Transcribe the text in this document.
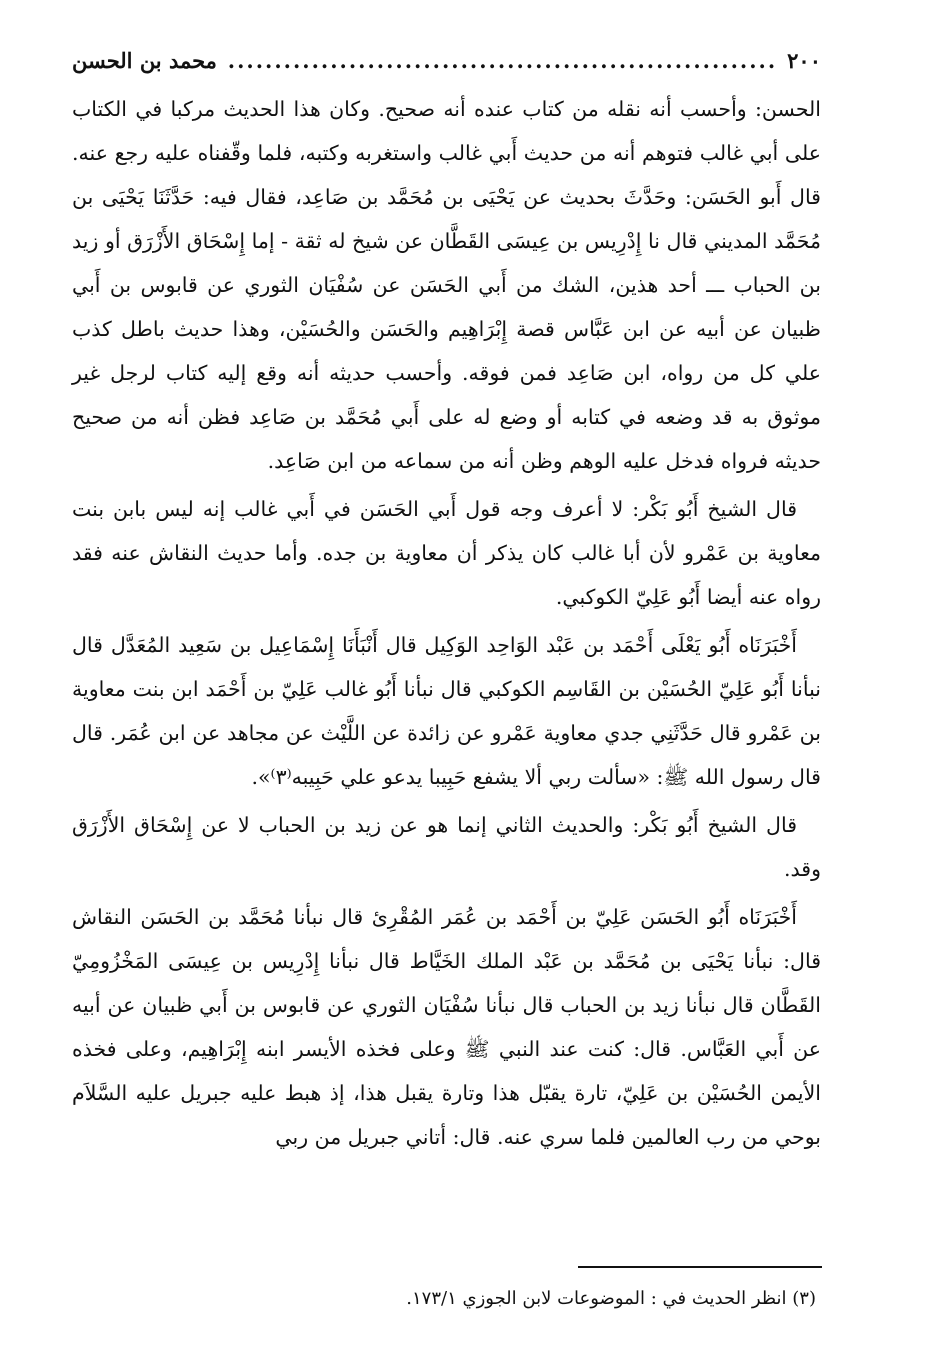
٢٠٠
.....
محمد بن الحسن

الحسن: وأحسب أنه نقله من كتاب عنده أنه صحيح. وكان هذا الحديث مركبا في الكتاب على أبي غالب فتوهم أنه من حديث أَبي غالب واستغربه وكتبه، فلما وقّفناه عليه رجع عنه. قال أَبو الحَسَن: وحَدَّثَ بحديث عن يَحْيَى بن مُحَمَّد بن صَاعِد، فقال فيه: حَدَّثَنَا يَحْيَى بن مُحَمَّد المديني قال نا إِدْرِيس بن عِيسَى القَطَّان عن شيخ له ثقة - إما إِسْحَاق الأَزْرَق أو زيد بن الحباب ـــ أحد هذين، الشك من أَبي الحَسَن عن سُفْيَان الثوري عن قابوس بن أَبي ظبيان عن أبيه عن ابن عَبَّاس قصة إِبْرَاهِيم والحَسَن والحُسَيْن، وهذا حديث باطل كذب علي كل من رواه، ابن صَاعِد فمن فوقه. وأحسب حديثه أنه وقع إليه كتاب لرجل غير موثوق به قد وضعه في كتابه أو وضع له على أَبي مُحَمَّد بن صَاعِد فظن أنه من صحيح حديثه فرواه فدخل عليه الوهم وظن أنه من سماعه من ابن صَاعِد.

قال الشيخ أَبُو بَكْر: لا أعرف وجه قول أَبي الحَسَن في أَبي غالب إنه ليس بابن بنت معاوية بن عَمْرو لأن أبا غالب كان يذكر أن معاوية بن جده. وأما حديث النقاش عنه فقد رواه عنه أيضا أَبُو عَلِيّ الكوكبي.

أَخْبَرَنَاه أَبُو يَعْلَى أَحْمَد بن عَبْد الوَاحِد الوَكِيل قال أَنْبَأَنَا إِسْمَاعِيل بن سَعِيد المُعَدَّل قال نبأنا أَبُو عَلِيّ الحُسَيْن بن القَاسِم الكوكبي قال نبأنا أَبُو غالب عَلِيّ بن أَحْمَد ابن بنت معاوية بن عَمْرو قال حَدَّثَنِي جدي معاوية عَمْرو عن زائدة عن اللَّيْث عن مجاهد عن ابن عُمَر. قال قال رسول الله ﷺ: «سألت ربي ألا يشفع حَبِيبا يدعو علي حَبِيبه⁽٣⁾».

قال الشيخ أَبُو بَكْر: والحديث الثاني إنما هو عن زيد بن الحباب لا عن إِسْحَاق الأَزْرَق وقد.

أَخْبَرَنَاه أَبُو الحَسَن عَلِيّ بن أَحْمَد بن عُمَر المُقْرِئ قال نبأنا مُحَمَّد بن الحَسَن النقاش قال: نبأنا يَحْيَى بن مُحَمَّد بن عَبْد الملك الخَيَّاط قال نبأنا إِدْرِيس بن عِيسَى المَخْزُومِيّ القَطَّان قال نبأنا زيد بن الحباب قال نبأنا سُفْيَان الثوري عن قابوس بن أَبي ظبيان عن أبيه عن أَبي العَبَّاس. قال: كنت عند النبي ﷺ وعلى فخذه الأيسر ابنه إِبْرَاهِيم، وعلى فخذه الأيمن الحُسَيْن بن عَلِيّ، تارة يقبّل هذا وتارة يقبل هذا، إذ هبط عليه جبريل عليه السَّلاَم بوحي من رب العالمين فلما سري عنه. قال: أتاني جبريل من ربي

(٣) انظر الحديث في : الموضوعات لابن الجوزي ١٧٣/١.
